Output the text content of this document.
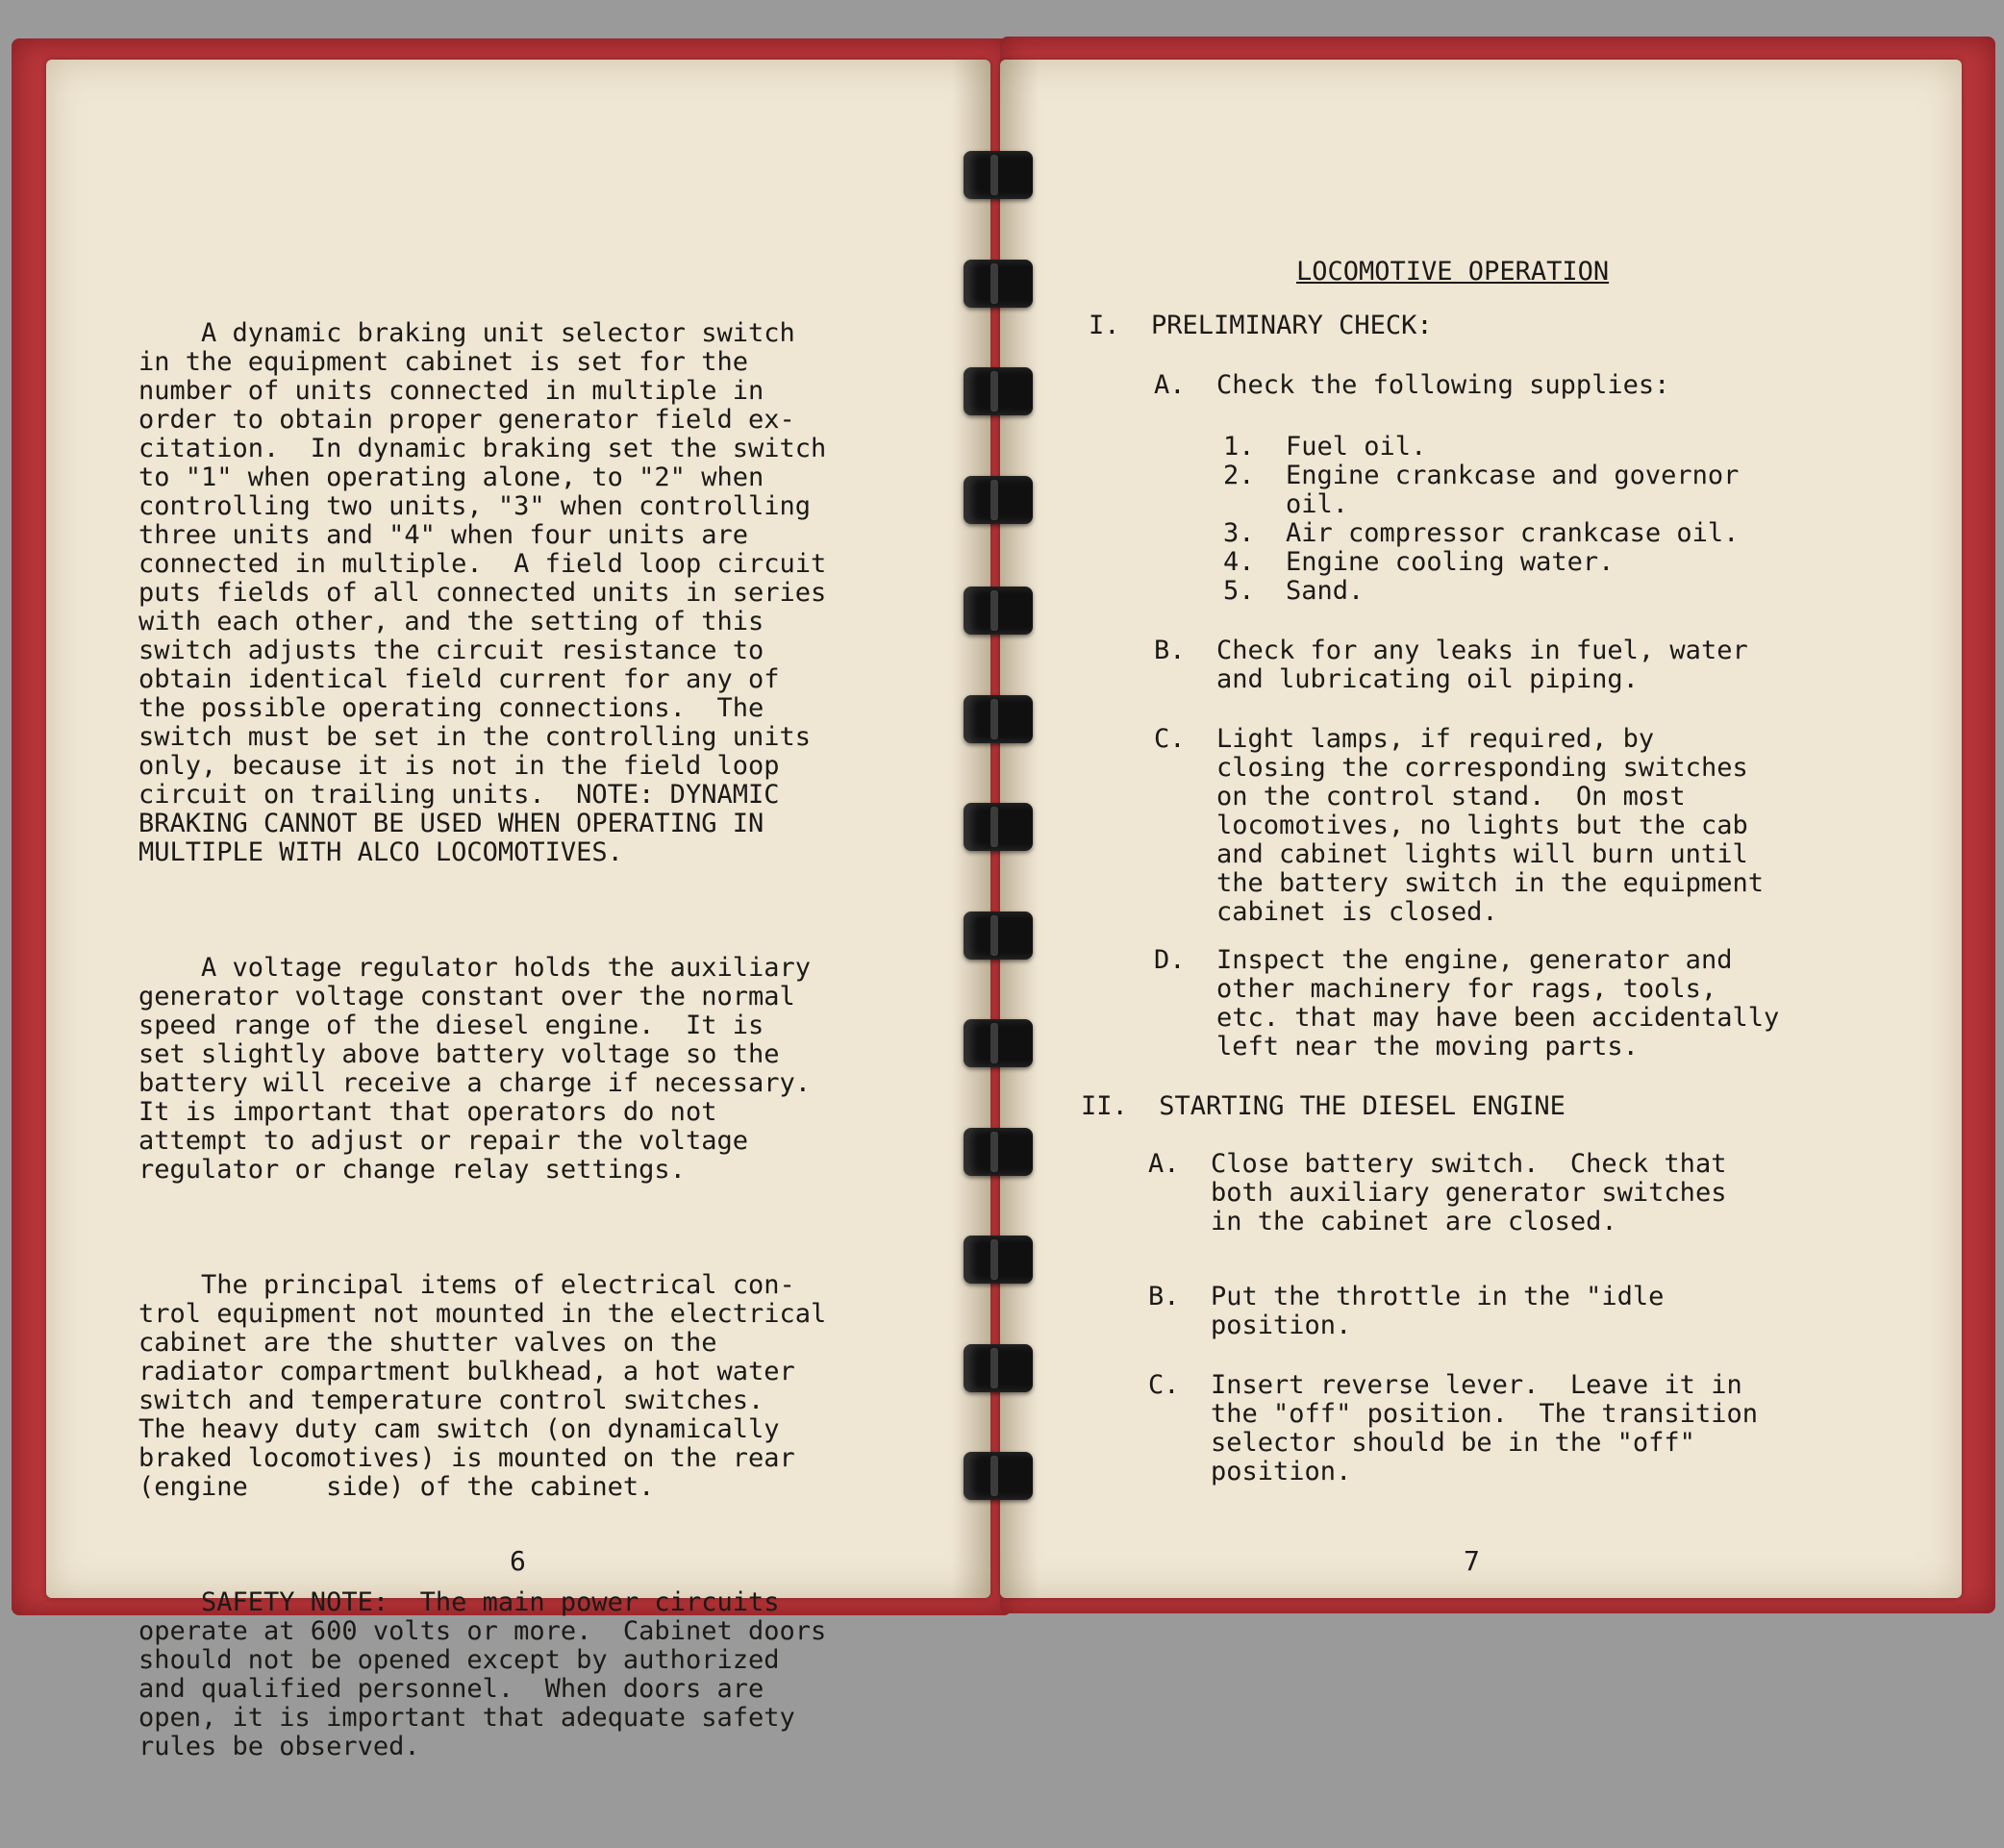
A dynamic braking unit selector switch
in the equipment cabinet is set for the
number of units connected in multiple in
order to obtain proper generator field ex-
citation.  In dynamic braking set the switch
to "1" when operating alone, to "2" when
controlling two units, "3" when controlling
three units and "4" when four units are
connected in multiple.  A field loop circuit
puts fields of all connected units in series
with each other, and the setting of this
switch adjusts the circuit resistance to
obtain identical field current for any of
the possible operating connections.  The
switch must be set in the controlling units
only, because it is not in the field loop
circuit on trailing units.  NOTE: DYNAMIC
BRAKING CANNOT BE USED WHEN OPERATING IN
MULTIPLE WITH ALCO LOCOMOTIVES.

A voltage regulator holds the auxiliary
generator voltage constant over the normal
speed range of the diesel engine.  It is
set slightly above battery voltage so the
battery will receive a charge if necessary.
It is important that operators do not
attempt to adjust or repair the voltage
regulator or change relay settings.

The principal items of electrical con-
trol equipment not mounted in the electrical
cabinet are the shutter valves on the
radiator compartment bulkhead, a hot water
switch and temperature control switches.
The heavy duty cam switch (on dynamically
braked locomotives) is mounted on the rear
(engine     side) of the cabinet.

SAFETY NOTE:  The main power circuits
operate at 600 volts or more.  Cabinet doors
should not be opened except by authorized
and qualified personnel.  When doors are
open, it is important that adequate safety
rules be observed.

6
LOCOMOTIVE OPERATION
I.  PRELIMINARY CHECK:
A.  Check the following supplies:
1.  Fuel oil.
2.  Engine crankcase and governor
oil.
3.  Air compressor crankcase oil.
4.  Engine cooling water.
5.  Sand.
B.  Check for any leaks in fuel, water
and lubricating oil piping.
C.  Light lamps, if required, by
closing the corresponding switches
on the control stand.  On most
locomotives, no lights but the cab
and cabinet lights will burn until
the battery switch in the equipment
cabinet is closed.
D.  Inspect the engine, generator and
other machinery for rags, tools,
etc. that may have been accidentally
left near the moving parts.
II.  STARTING THE DIESEL ENGINE
A.  Close battery switch.  Check that
both auxiliary generator switches
in the cabinet are closed.
B.  Put the throttle in the "idle
position.
C.  Insert reverse lever.  Leave it in
the "off" position.  The transition
selector should be in the "off"
position.
7
